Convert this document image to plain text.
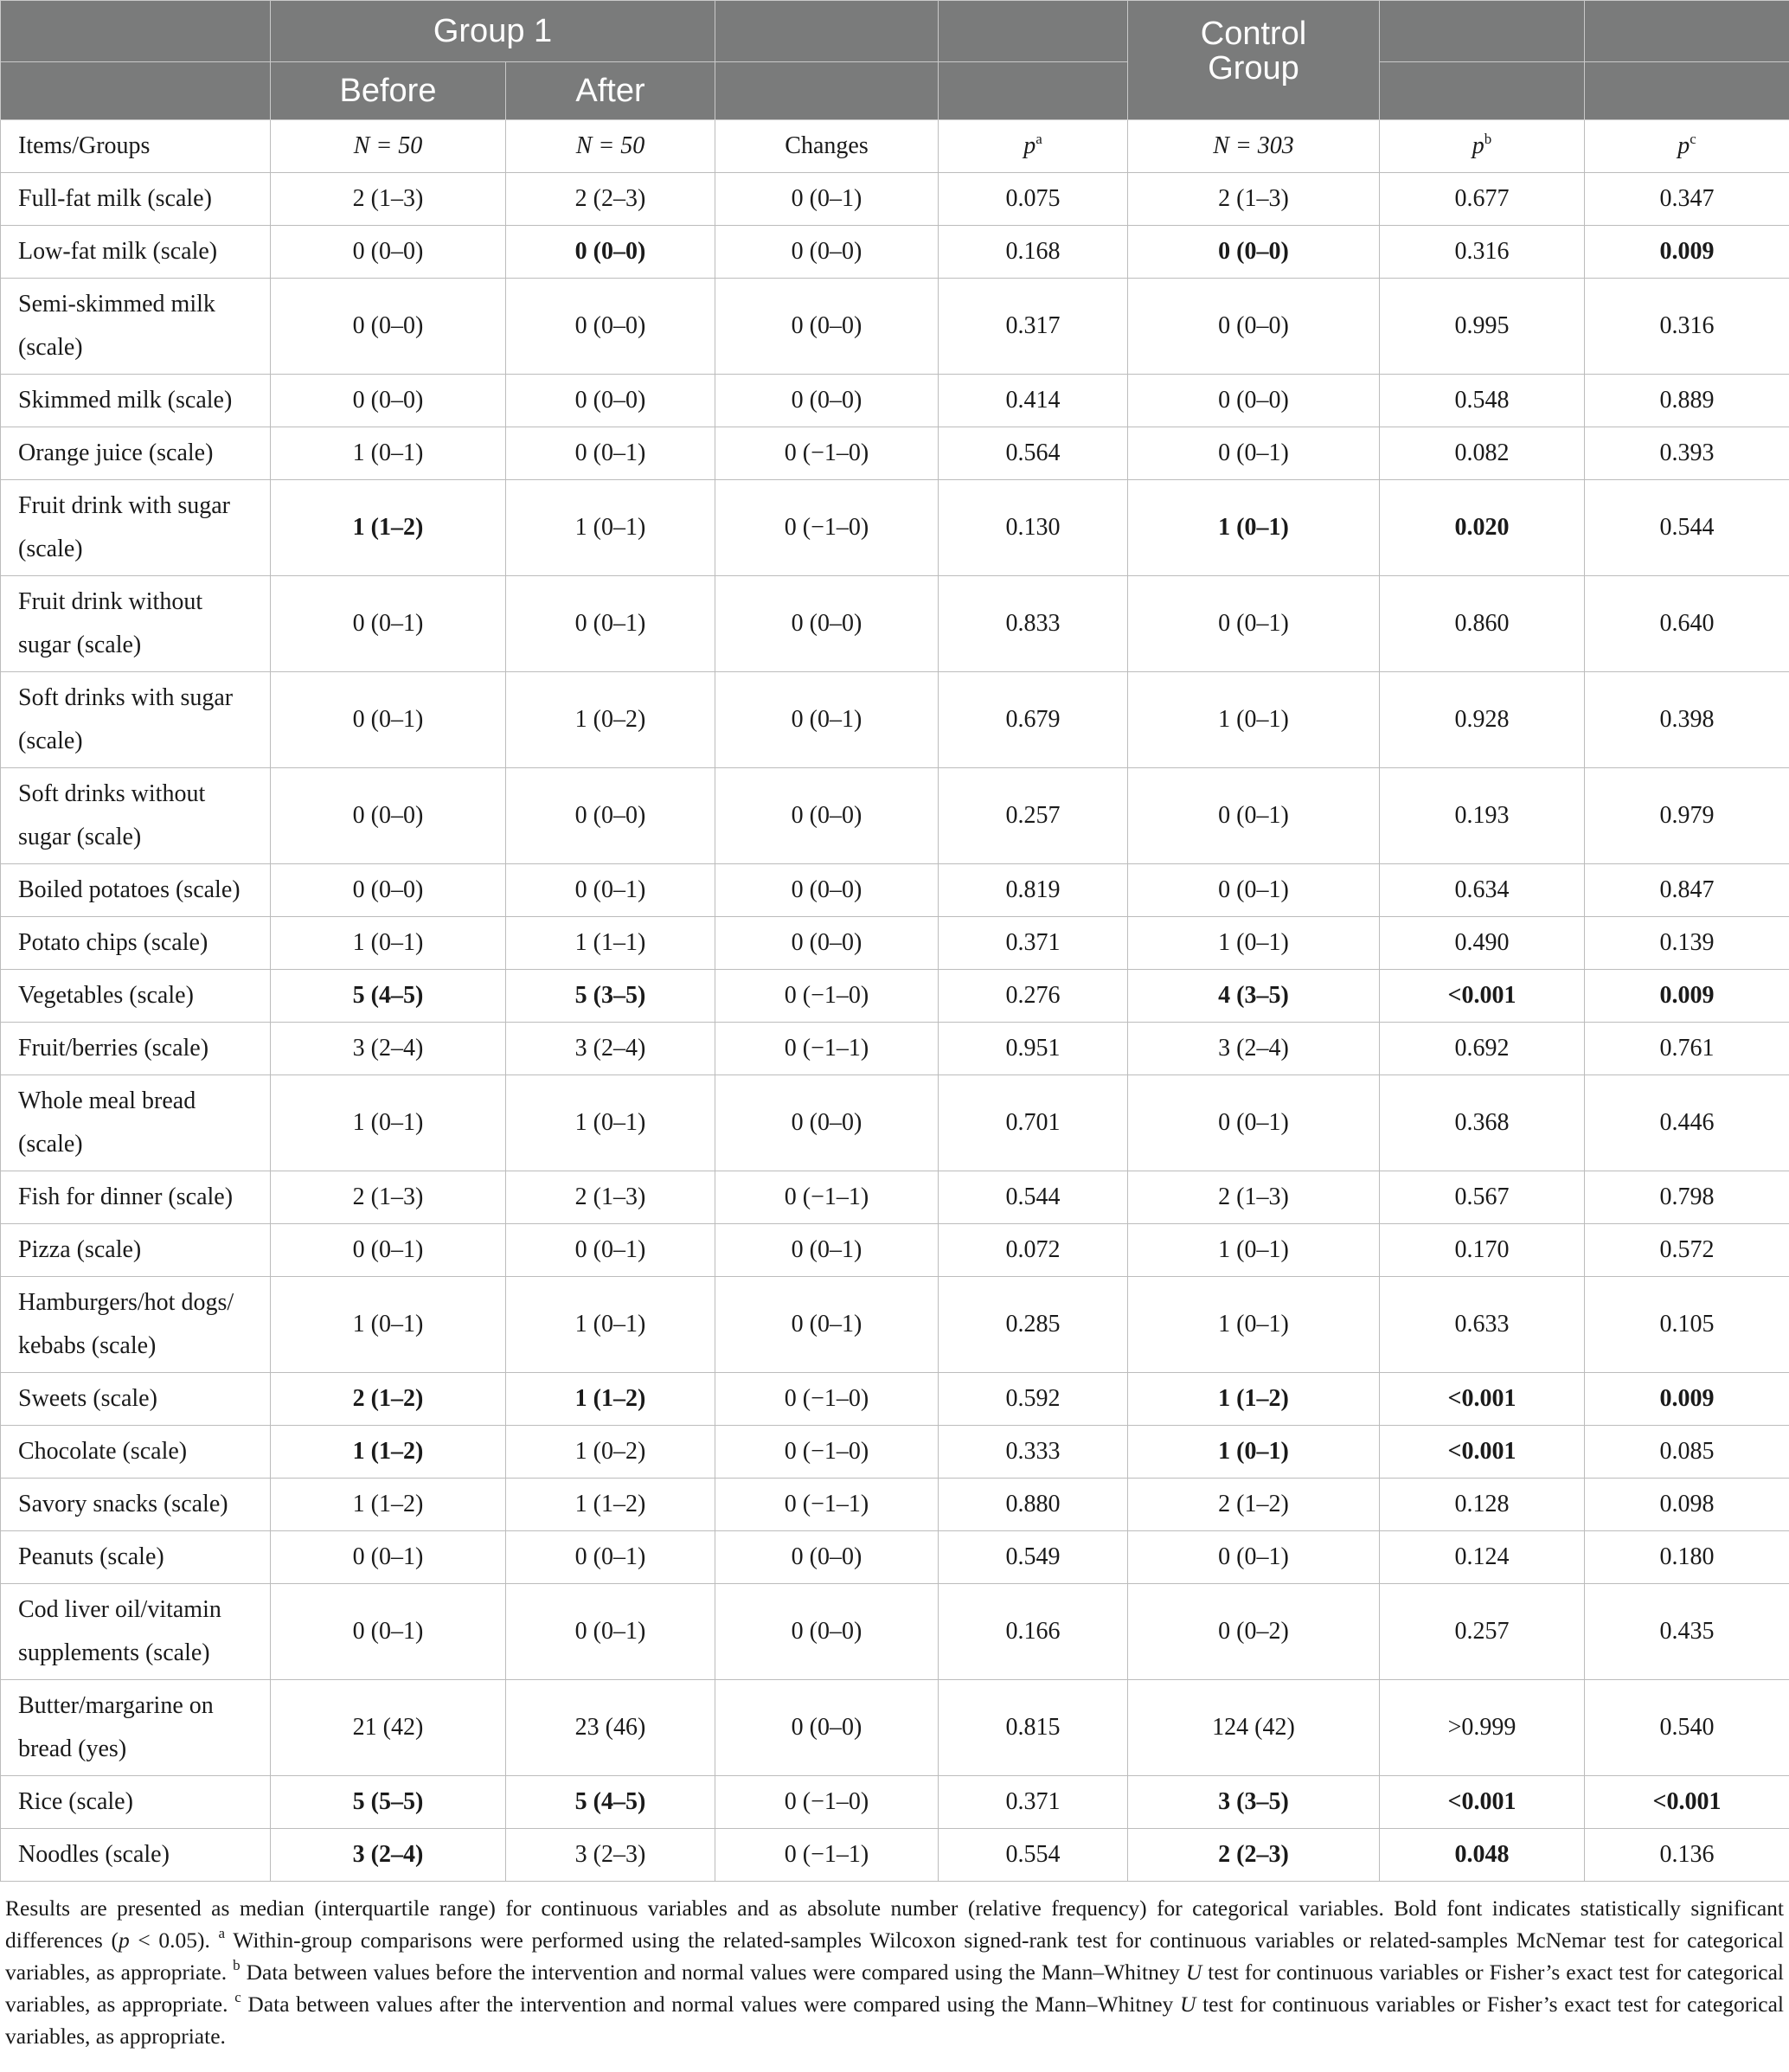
	Group 1				Control Group		
	Before	After					
Items/Groups	N = 50	N = 50	Changes	$p^a$	N = 303	$p^b$	$p^c$
Full-fat milk (scale)	2 (1–3)	2 (2–3)	0 (0–1)	0.075	2 (1–3)	0.677	0.347
Low-fat milk (scale)	0 (0–0)	0 (0–0)	0 (0–0)	0.168	0 (0–0)	0.316	0.009
Semi-skimmed milk (scale)	0 (0–0)	0 (0–0)	0 (0–0)	0.317	0 (0–0)	0.995	0.316
Skimmed milk (scale)	0 (0–0)	0 (0–0)	0 (0–0)	0.414	0 (0–0)	0.548	0.889
Orange juice (scale)	1 (0–1)	0 (0–1)	0 (−1–0)	0.564	0 (0–1)	0.082	0.393
Fruit drink with sugar (scale)	1 (1–2)	1 (0–1)	0 (−1–0)	0.130	1 (0–1)	0.020	0.544
Fruit drink without sugar (scale)	0 (0–1)	0 (0–1)	0 (0–0)	0.833	0 (0–1)	0.860	0.640
Soft drinks with sugar (scale)	0 (0–1)	1 (0–2)	0 (0–1)	0.679	1 (0–1)	0.928	0.398
Soft drinks without sugar (scale)	0 (0–0)	0 (0–0)	0 (0–0)	0.257	0 (0–1)	0.193	0.979
Boiled potatoes (scale)	0 (0–0)	0 (0–1)	0 (0–0)	0.819	0 (0–1)	0.634	0.847
Potato chips (scale)	1 (0–1)	1 (1–1)	0 (0–0)	0.371	1 (0–1)	0.490	0.139
Vegetables (scale)	5 (4–5)	5 (3–5)	0 (−1–0)	0.276	4 (3–5)	<0.001	0.009
Fruit/berries (scale)	3 (2–4)	3 (2–4)	0 (−1–1)	0.951	3 (2–4)	0.692	0.761
Whole meal bread (scale)	1 (0–1)	1 (0–1)	0 (0–0)	0.701	0 (0–1)	0.368	0.446
Fish for dinner (scale)	2 (1–3)	2 (1–3)	0 (−1–1)	0.544	2 (1–3)	0.567	0.798
Pizza (scale)	0 (0–1)	0 (0–1)	0 (0–1)	0.072	1 (0–1)	0.170	0.572
Hamburgers/hot dogs/ kebabs (scale)	1 (0–1)	1 (0–1)	0 (0–1)	0.285	1 (0–1)	0.633	0.105
Sweets (scale)	2 (1–2)	1 (1–2)	0 (−1–0)	0.592	1 (1–2)	<0.001	0.009
Chocolate (scale)	1 (1–2)	1 (0–2)	0 (−1–0)	0.333	1 (0–1)	<0.001	0.085
Savory snacks (scale)	1 (1–2)	1 (1–2)	0 (−1–1)	0.880	2 (1–2)	0.128	0.098
Peanuts (scale)	0 (0–1)	0 (0–1)	0 (0–0)	0.549	0 (0–1)	0.124	0.180
Cod liver oil/vitamin supplements (scale)	0 (0–1)	0 (0–1)	0 (0–0)	0.166	0 (0–2)	0.257	0.435
Butter/margarine on bread (yes)	21 (42)	23 (46)	0 (0–0)	0.815	124 (42)	>0.999	0.540
Rice (scale)	5 (5–5)	5 (4–5)	0 (−1–0)	0.371	3 (3–5)	<0.001	<0.001
Noodles (scale)	3 (2–4)	3 (2–3)	0 (−1–1)	0.554	2 (2–3)	0.048	0.136
Results are presented as median (interquartile range) for continuous variables and as absolute number (relative frequency) for categorical variables. Bold font indicates statistically significant differences (p < 0.05). $^a$ Within-group comparisons were performed using the related-samples Wilcoxon signed-rank test for continuous variables or related-samples McNemar test for categorical variables, as appropriate. $^b$ Data between values before the intervention and normal values were compared using the Mann–Whitney U test for continuous variables or Fisher’s exact test for categorical variables, as appropriate. $^c$ Data between values after the intervention and normal values were compared using the Mann–Whitney U test for continuous variables or Fisher’s exact test for categorical variables, as appropriate.
